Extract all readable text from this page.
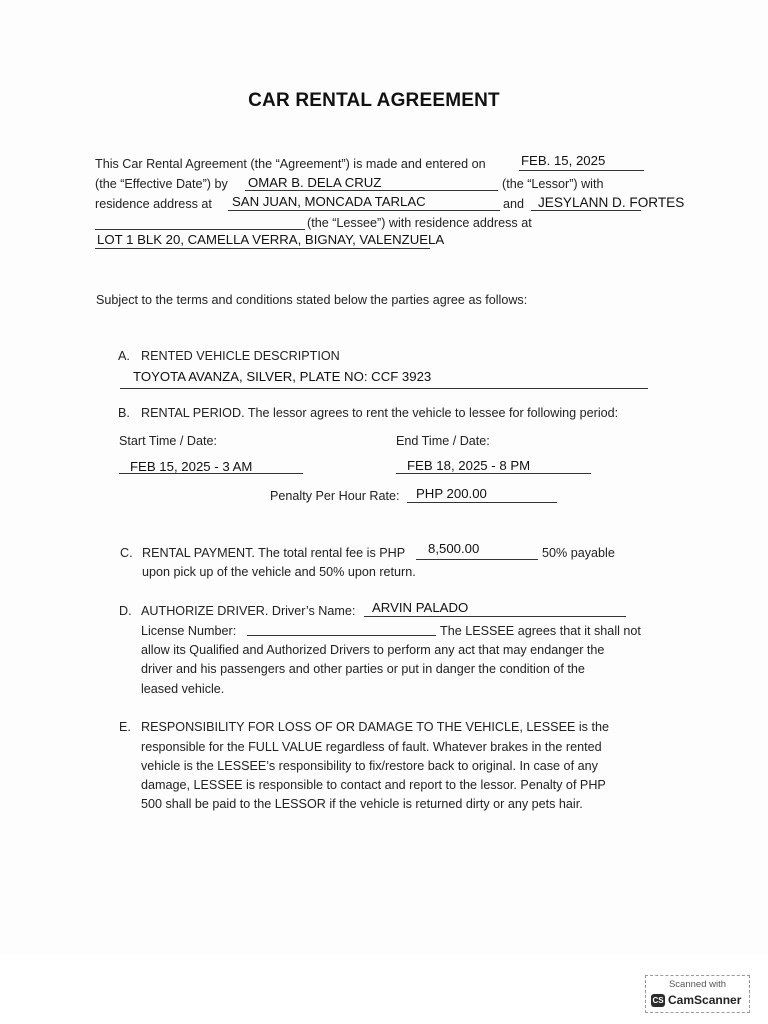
CAR RENTAL AGREEMENT
This Car Rental Agreement (the “Agreement”) is made and entered on	FEB. 15, 2025
(the “Effective Date”) by OMAR B. DELA CRUZ	(the “Lessor”) with
residence address at SAN JUAN, MONCADA TARLAC	and JESYLANN D. FORTES
(the “Lessee”) with residence address at
LOT 1 BLK 20, CAMELLA VERRA, BIGNAY, VALENZUELA
Subject to the terms and conditions stated below the parties agree as follows:
A. RENTED VEHICLE DESCRIPTION
TOYOTA AVANZA, SILVER, PLATE NO: CCF 3923
B. RENTAL PERIOD. The lessor agrees to rent the vehicle to lessee for following period:
Start Time / Date:	End Time / Date:
FEB 15, 2025 - 3 AM	FEB 18, 2025 - 8 PM
Penalty Per Hour Rate: PHP 200.00
C. RENTAL PAYMENT. The total rental fee is PHP 8,500.00	50% payable
upon pick up of the vehicle and 50% upon return.
D. AUTHORIZE DRIVER. Driver’s Name: ARVIN PALADO
License Number:	The LESSEE agrees that it shall not
allow its Qualified and Authorized Drivers to perform any act that may endanger the
driver and his passengers and other parties or put in danger the condition of the
leased vehicle.
E. RESPONSIBILITY FOR LOSS OF OR DAMAGE TO THE VEHICLE, LESSEE is the
responsible for the FULL VALUE regardless of fault. Whatever brakes in the rented
vehicle is the LESSEE’s responsibility to fix/restore back to original. In case of any
damage, LESSEE is responsible to contact and report to the lessor. Penalty of PHP
500 shall be paid to the LESSOR if the vehicle is returned dirty or any pets hair.
Scanned with
CS CamScanner
